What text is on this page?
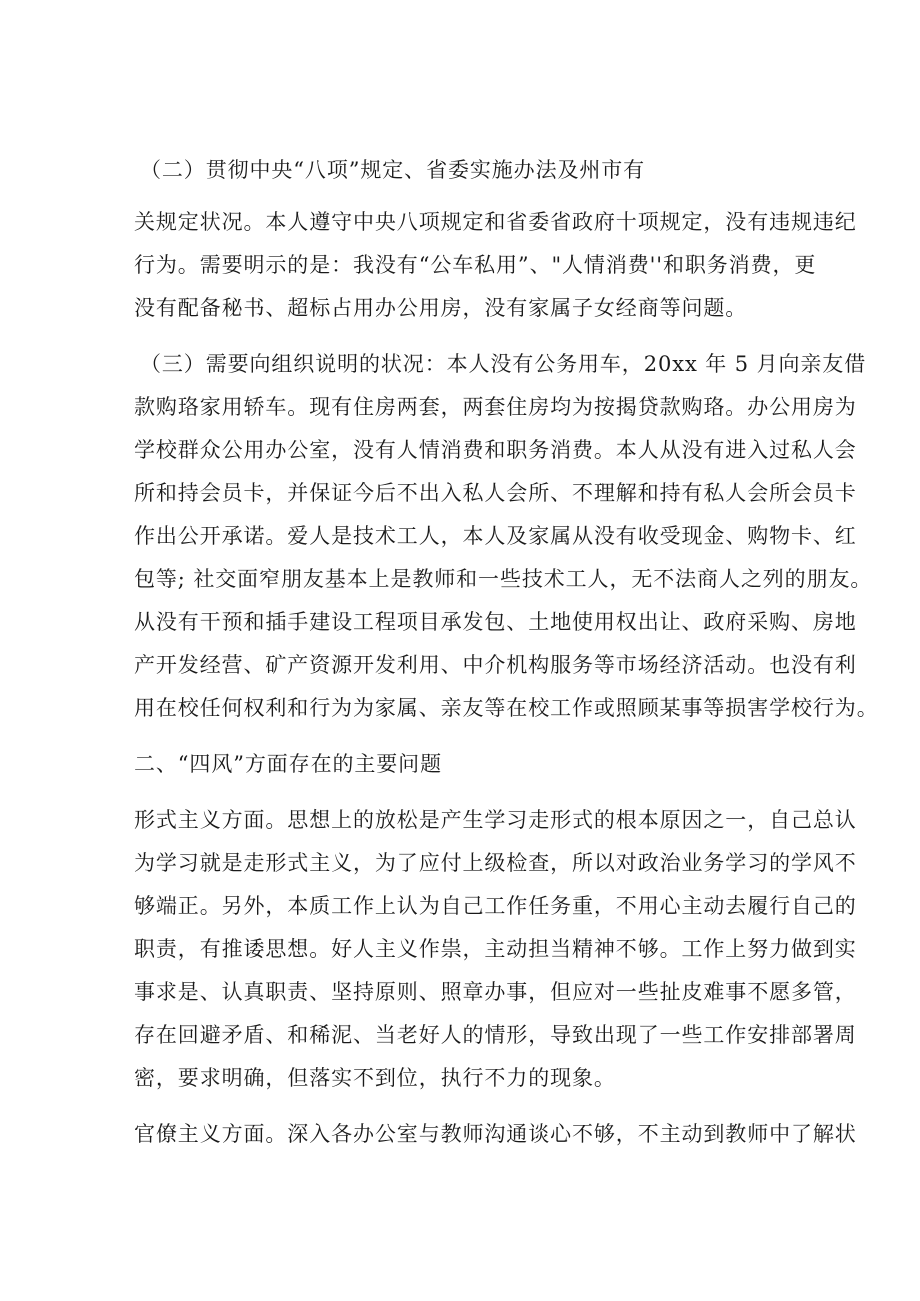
（二）贯彻中央“八项”规定、省委实施办法及州市有
关规定状况。本人遵守中央八项规定和省委省政府十项规定，没有违规违纪
行为。需要明示的是：我没有“公车私用”、"人情消费''和职务消费，更
没有配备秘书、超标占用办公用房，没有家属子女经商等问题。
（三）需要向组织说明的状况：本人没有公务用车，20xx 年 5 月向亲友借
款购珞家用轿车。现有住房两套，两套住房均为按揭贷款购珞。办公用房为
学校群众公用办公室，没有人情消费和职务消费。本人从没有进入过私人会
所和持会员卡，并保证今后不出入私人会所、不理解和持有私人会所会员卡
作出公开承诺。爱人是技术工人，本人及家属从没有收受现金、购物卡、红
包等; 社交面窄朋友基本上是教师和一些技术工人，无不法商人之列的朋友。
从没有干预和插手建设工程项目承发包、土地使用权出让、政府采购、房地
产开发经营、矿产资源开发利用、中介机构服务等市场经济活动。也没有利
用在校任何权利和行为为家属、亲友等在校工作或照顾某事等损害学校行为。
二、“四风”方面存在的主要问题
形式主义方面。思想上的放松是产生学习走形式的根本原因之一，自己总认
为学习就是走形式主义，为了应付上级检查，所以对政治业务学习的学风不
够端正。另外，本质工作上认为自己工作任务重，不用心主动去履行自己的
职责，有推诿思想。好人主义作祟，主动担当精神不够。工作上努力做到实
事求是、认真职责、坚持原则、照章办事，但应对一些扯皮难事不愿多管，
存在回避矛盾、和稀泥、当老好人的情形，导致出现了一些工作安排部署周
密，要求明确，但落实不到位，执行不力的现象。
官僚主义方面。深入各办公室与教师沟通谈心不够，不主动到教师中了解状
